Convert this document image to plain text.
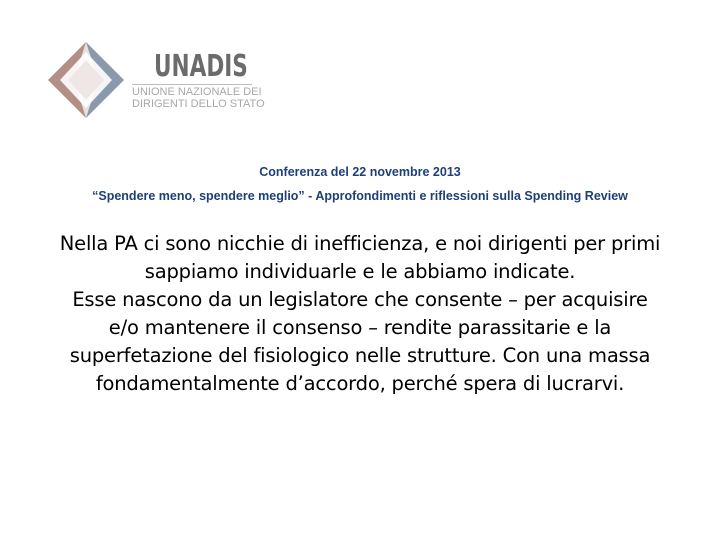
UNADIS
UNIONE NAZIONALE DEI
DIRIGENTI DELLO STATO
Conferenza del 22 novembre 2013
“Spendere meno, spendere meglio” - Approfondimenti e riflessioni sulla Spending Review

Nella PA ci sono nicchie di inefficienza, e noi dirigenti per primi sappiamo individuarle e le abbiamo indicate.

Esse nascono da un legislatore che consente – per acquisire e/o mantenere il consenso – rendite parassitarie e la superfetazione del fisiologico nelle strutture. Con una massa fondamentalmente d’accordo, perché spera di lucrarvi.
